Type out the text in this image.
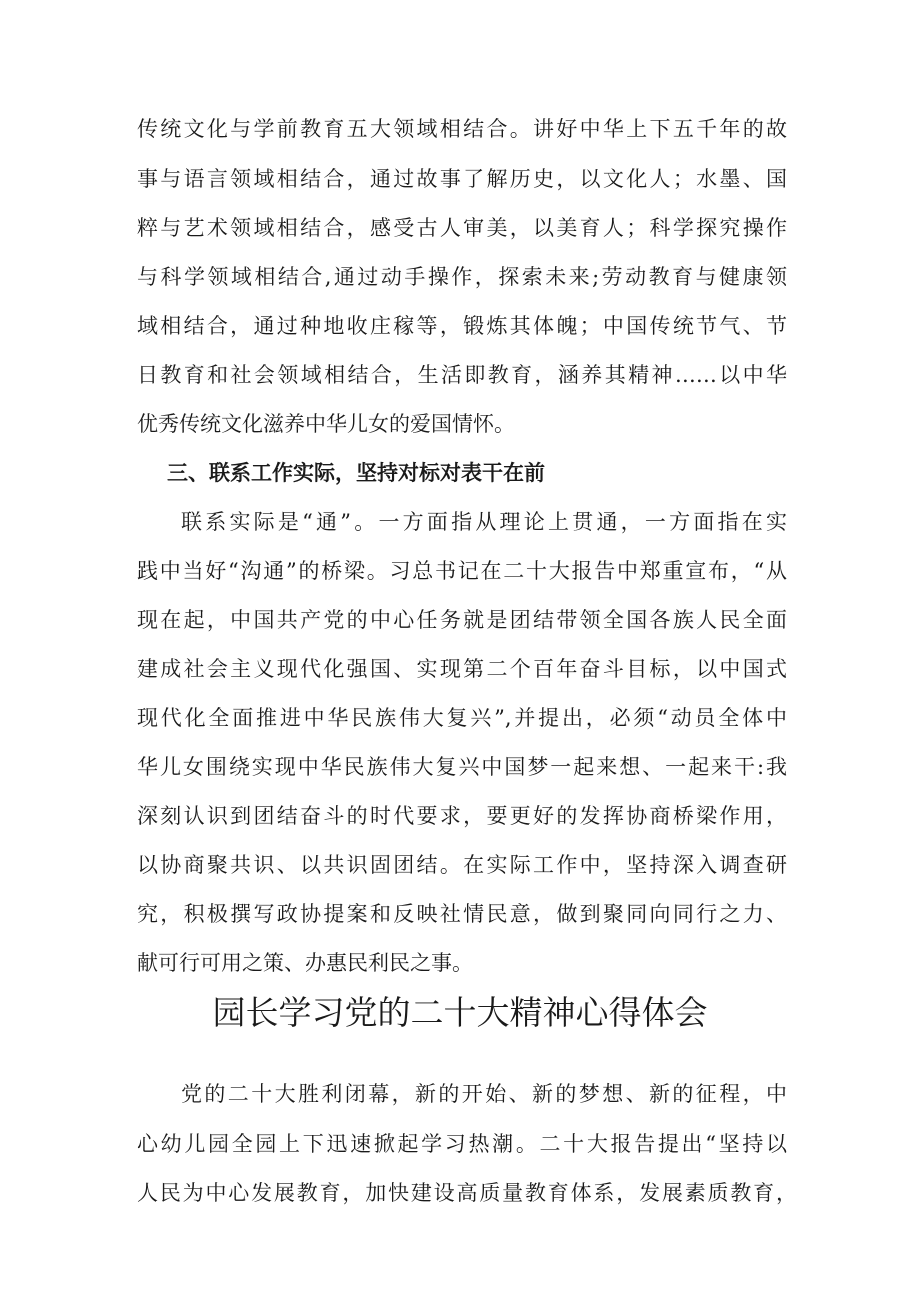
传统文化与学前教育五大领域相结合。讲好中华上下五千年的故
事与语言领域相结合，通过故事了解历史，以文化人；水墨、国
粹与艺术领域相结合，感受古人审美，以美育人；科学探究操作
与科学领域相结合,通过动手操作，探索未来;劳动教育与健康领
域相结合，通过种地收庄稼等，锻炼其体魄；中国传统节气、节
日教育和社会领域相结合，生活即教育，涵养其精神……以中华
优秀传统文化滋养中华儿女的爱国情怀。
三、联系工作实际，坚持对标对表干在前
联系实际是“通”。一方面指从理论上贯通，一方面指在实
践中当好“沟通”的桥梁。习总书记在二十大报告中郑重宣布，“从
现在起，中国共产党的中心任务就是团结带领全国各族人民全面
建成社会主义现代化强国、实现第二个百年奋斗目标，以中国式
现代化全面推进中华民族伟大复兴”,并提出，必须“动员全体中
华儿女围绕实现中华民族伟大复兴中国梦一起来想、一起来干:我
深刻认识到团结奋斗的时代要求，要更好的发挥协商桥梁作用，
以协商聚共识、以共识固团结。在实际工作中，坚持深入调查研
究，积极撰写政协提案和反映社情民意，做到聚同向同行之力、
献可行可用之策、办惠民利民之事。
园长学习党的二十大精神心得体会
党的二十大胜利闭幕，新的开始、新的梦想、新的征程，中
心幼儿园全园上下迅速掀起学习热潮。二十大报告提出“坚持以
人民为中心发展教育，加快建设高质量教育体系，发展素质教育，
